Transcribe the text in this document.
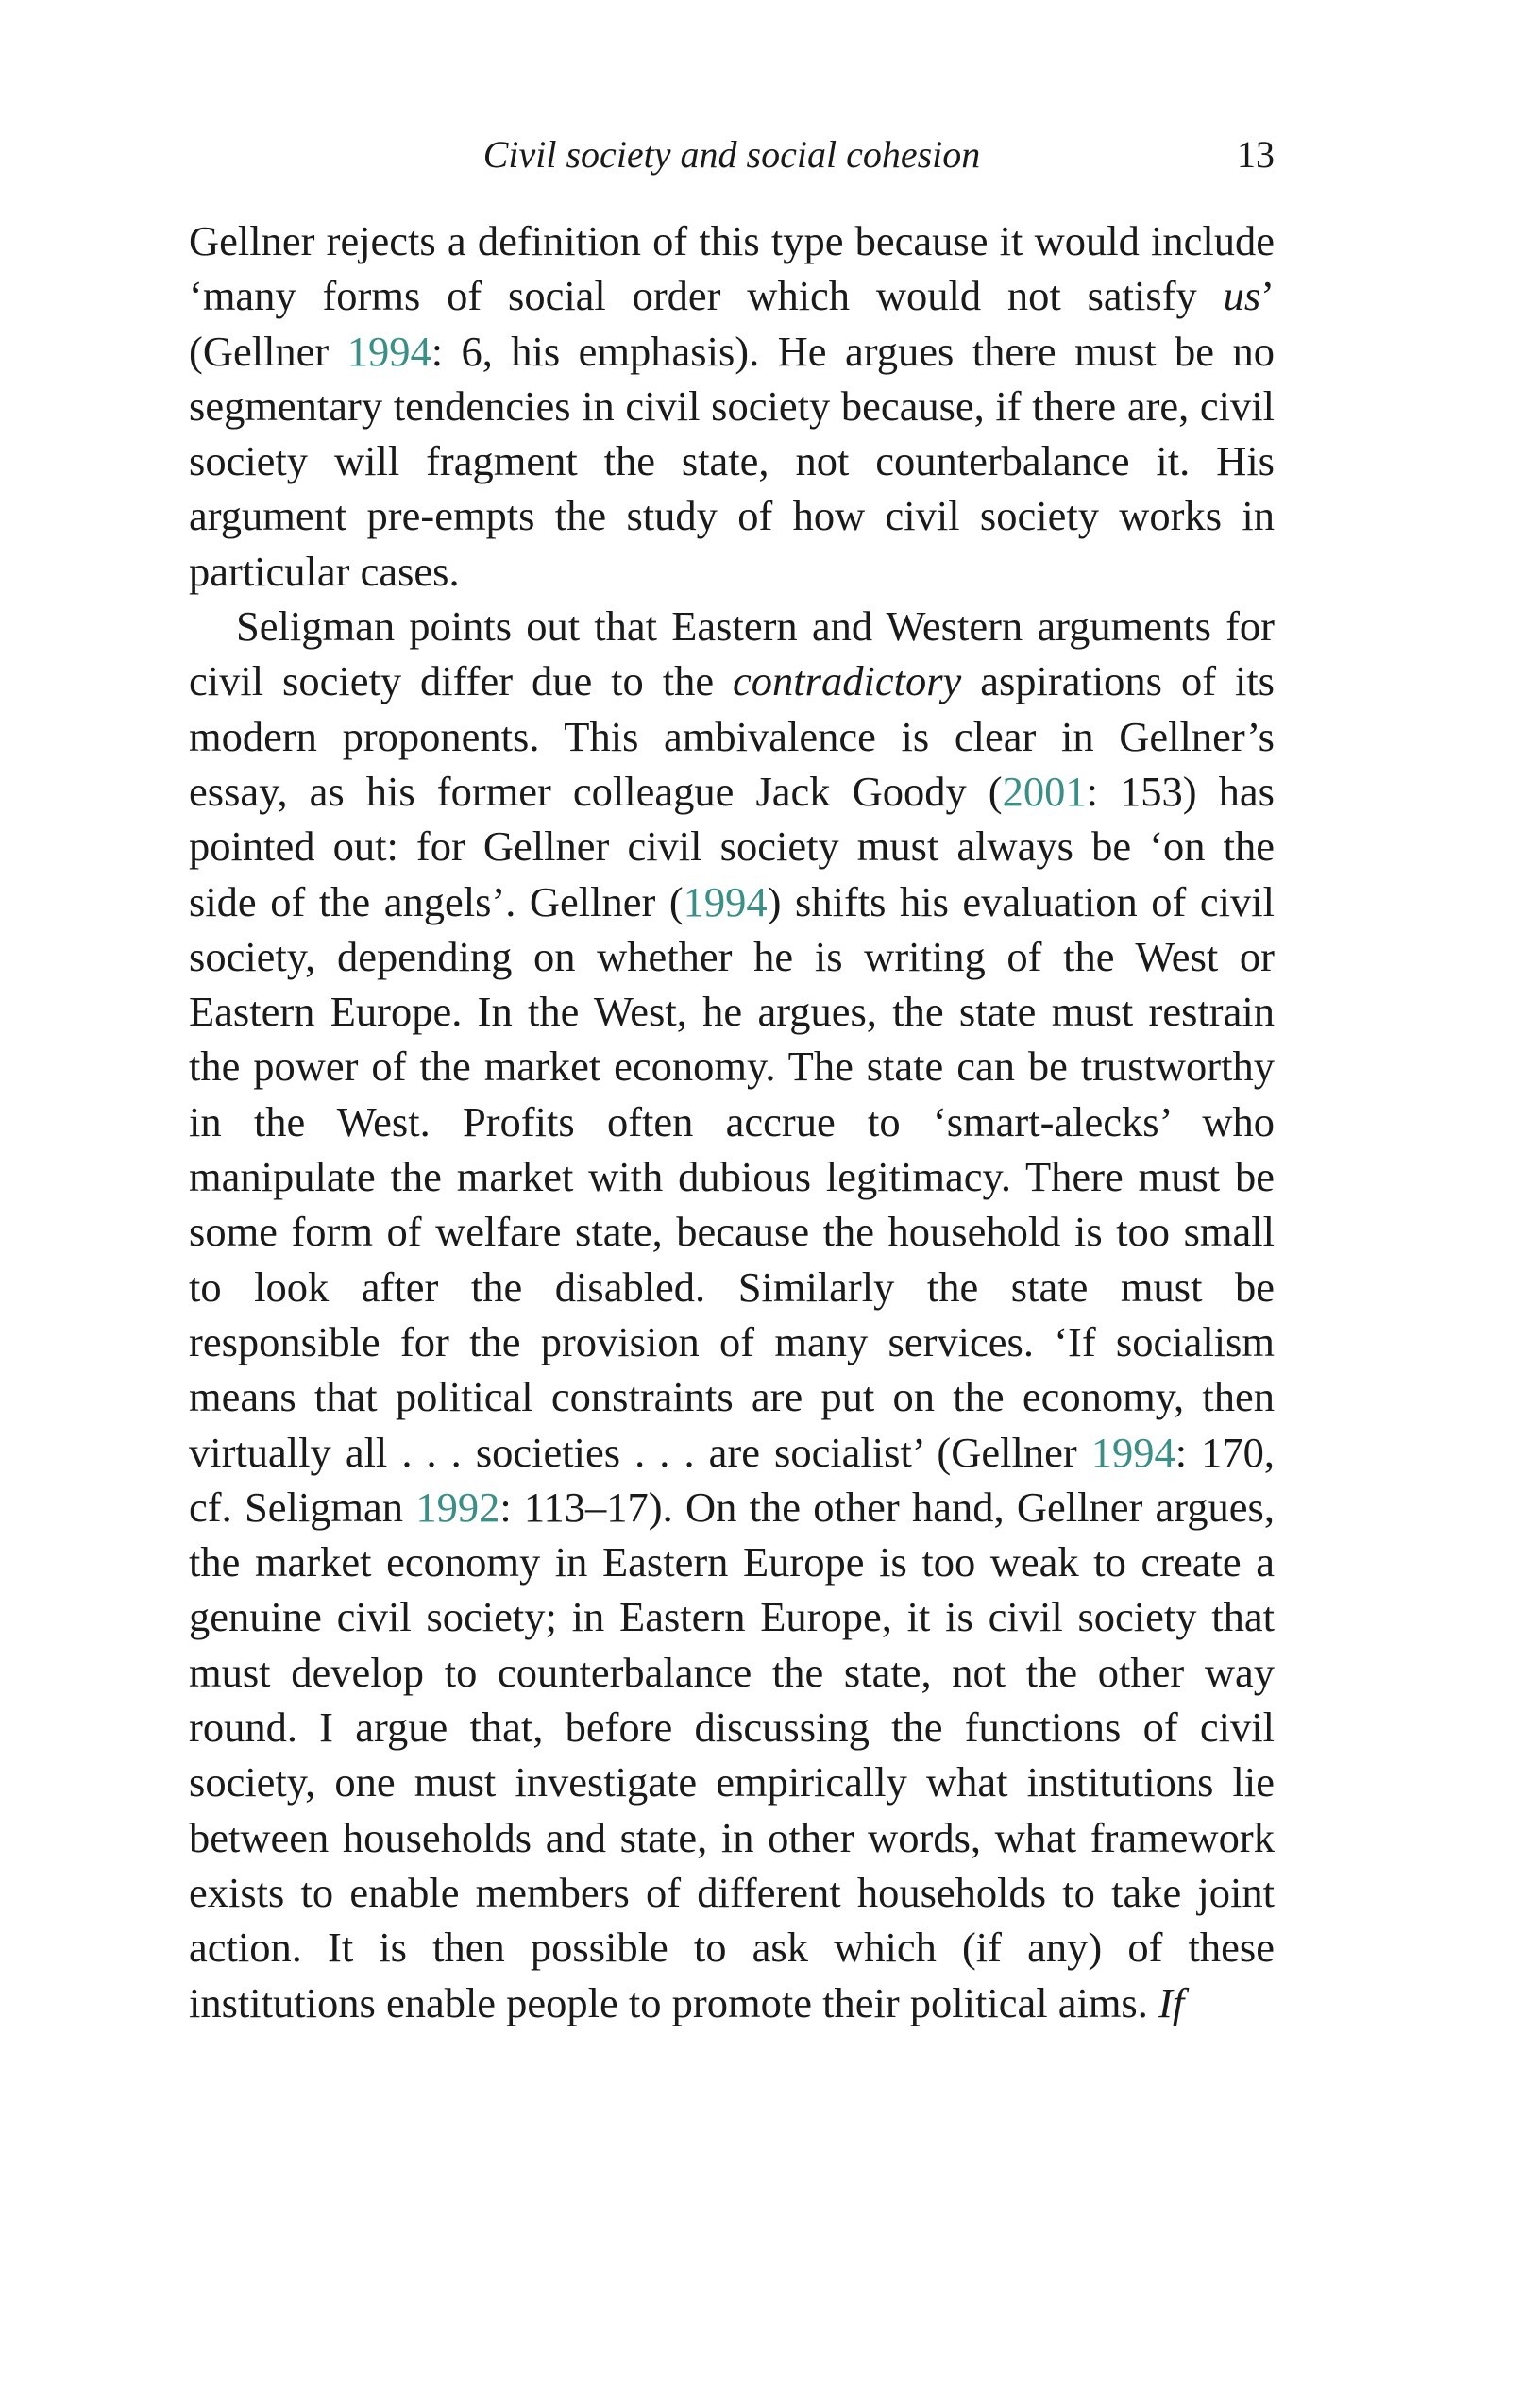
Civil society and social cohesion	13

Gellner rejects a definition of this type because it would include ‘many forms of social order which would not satisfy us’ (Gellner 1994: 6, his emphasis). He argues there must be no segmentary tendencies in civil society because, if there are, civil society will fragment the state, not counterbalance it. His argument pre-empts the study of how civil society works in particular cases.

Seligman points out that Eastern and Western arguments for civil society differ due to the contradictory aspirations of its modern proponents. This ambivalence is clear in Gellner’s essay, as his former colleague Jack Goody (2001: 153) has pointed out: for Gellner civil society must always be ‘on the side of the angels’. Gellner (1994) shifts his evaluation of civil society, depending on whether he is writing of the West or Eastern Europe. In the West, he argues, the state must restrain the power of the market economy. The state can be trustworthy in the West. Profits often accrue to ‘smart-alecks’ who manipulate the market with dubious legitimacy. There must be some form of welfare state, because the household is too small to look after the disabled. Similarly the state must be responsible for the provision of many services. ‘If socialism means that political constraints are put on the economy, then virtually all . . . societies . . . are socialist’ (Gellner 1994: 170, cf. Seligman 1992: 113–17). On the other hand, Gellner argues, the market economy in Eastern Europe is too weak to create a genuine civil society; in Eastern Europe, it is civil society that must develop to counterbalance the state, not the other way round. I argue that, before discussing the functions of civil society, one must investigate empirically what institutions lie between households and state, in other words, what framework exists to enable members of different households to take joint action. It is then possible to ask which (if any) of these institutions enable people to promote their political aims. If
